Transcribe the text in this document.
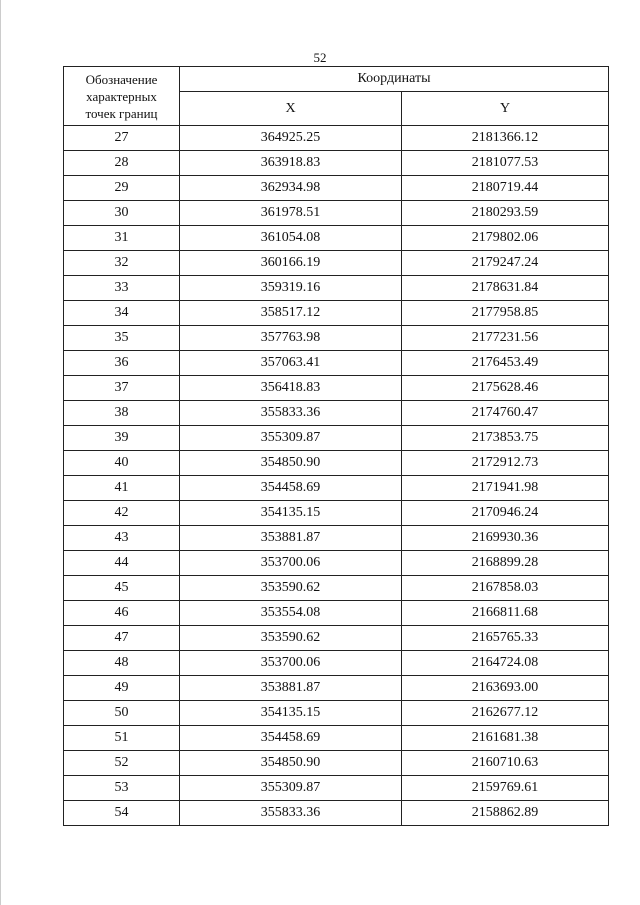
52
Обозначение
характерных
точек границ	Координаты	
	X	Y
27	364925.25	2181366.12
28	363918.83	2181077.53
29	362934.98	2180719.44
30	361978.51	2180293.59
31	361054.08	2179802.06
32	360166.19	2179247.24
33	359319.16	2178631.84
34	358517.12	2177958.85
35	357763.98	2177231.56
36	357063.41	2176453.49
37	356418.83	2175628.46
38	355833.36	2174760.47
39	355309.87	2173853.75
40	354850.90	2172912.73
41	354458.69	2171941.98
42	354135.15	2170946.24
43	353881.87	2169930.36
44	353700.06	2168899.28
45	353590.62	2167858.03
46	353554.08	2166811.68
47	353590.62	2165765.33
48	353700.06	2164724.08
49	353881.87	2163693.00
50	354135.15	2162677.12
51	354458.69	2161681.38
52	354850.90	2160710.63
53	355309.87	2159769.61
54	355833.36	2158862.89
